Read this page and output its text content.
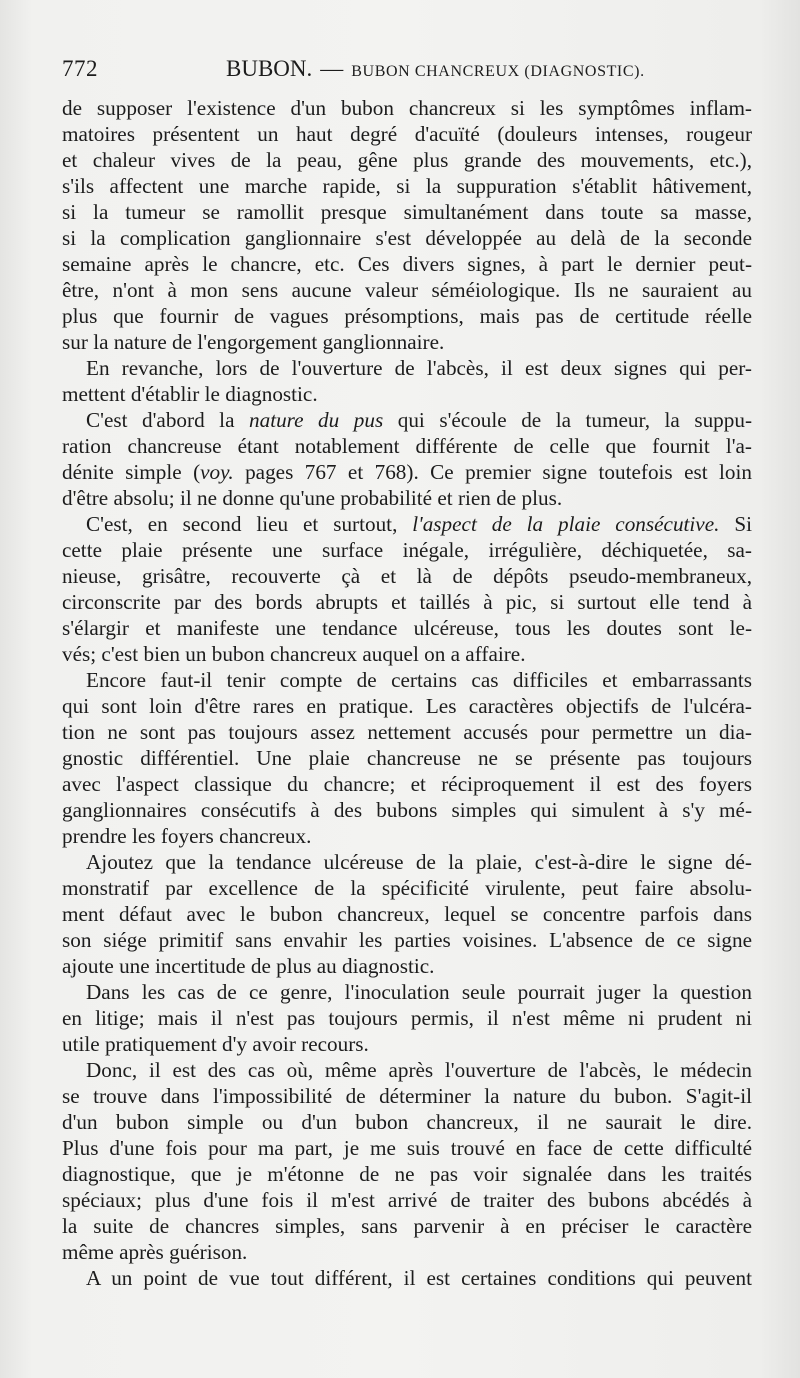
772	BUBON. — BUBON CHANCREUX (DIAGNOSTIC).
de supposer l'existence d'un bubon chancreux si les symptômes inflam-
matoires présentent un haut degré d'acuïté (douleurs intenses, rougeur
et chaleur vives de la peau, gêne plus grande des mouvements, etc.),
s'ils affectent une marche rapide, si la suppuration s'établit hâtivement,
si la tumeur se ramollit presque simultanément dans toute sa masse,
si la complication ganglionnaire s'est développée au delà de la seconde
semaine après le chancre, etc. Ces divers signes, à part le dernier peut-
être, n'ont à mon sens aucune valeur séméiologique. Ils ne sauraient au
plus que fournir de vagues présomptions, mais pas de certitude réelle
sur la nature de l'engorgement ganglionnaire.
En revanche, lors de l'ouverture de l'abcès, il est deux signes qui per-
mettent d'établir le diagnostic.
C'est d'abord la nature du pus qui s'écoule de la tumeur, la suppu-
ration chancreuse étant notablement différente de celle que fournit l'a-
dénite simple (voy. pages 767 et 768). Ce premier signe toutefois est loin
d'être absolu; il ne donne qu'une probabilité et rien de plus.
C'est, en second lieu et surtout, l'aspect de la plaie consécutive. Si
cette plaie présente une surface inégale, irrégulière, déchiquetée, sa-
nieuse, grisâtre, recouverte çà et là de dépôts pseudo-membraneux,
circonscrite par des bords abrupts et taillés à pic, si surtout elle tend à
s'élargir et manifeste une tendance ulcéreuse, tous les doutes sont le-
vés; c'est bien un bubon chancreux auquel on a affaire.
Encore faut-il tenir compte de certains cas difficiles et embarrassants
qui sont loin d'être rares en pratique. Les caractères objectifs de l'ulcéra-
tion ne sont pas toujours assez nettement accusés pour permettre un dia-
gnostic différentiel. Une plaie chancreuse ne se présente pas toujours
avec l'aspect classique du chancre; et réciproquement il est des foyers
ganglionnaires consécutifs à des bubons simples qui simulent à s'y mé-
prendre les foyers chancreux.
Ajoutez que la tendance ulcéreuse de la plaie, c'est-à-dire le signe dé-
monstratif par excellence de la spécificité virulente, peut faire absolu-
ment défaut avec le bubon chancreux, lequel se concentre parfois dans
son siége primitif sans envahir les parties voisines. L'absence de ce signe
ajoute une incertitude de plus au diagnostic.
Dans les cas de ce genre, l'inoculation seule pourrait juger la question
en litige; mais il n'est pas toujours permis, il n'est même ni prudent ni
utile pratiquement d'y avoir recours.
Donc, il est des cas où, même après l'ouverture de l'abcès, le médecin
se trouve dans l'impossibilité de déterminer la nature du bubon. S'agit-il
d'un bubon simple ou d'un bubon chancreux, il ne saurait le dire.
Plus d'une fois pour ma part, je me suis trouvé en face de cette difficulté
diagnostique, que je m'étonne de ne pas voir signalée dans les traités
spéciaux; plus d'une fois il m'est arrivé de traiter des bubons abcédés à
la suite de chancres simples, sans parvenir à en préciser le caractère
même après guérison.
A un point de vue tout différent, il est certaines conditions qui peuvent
